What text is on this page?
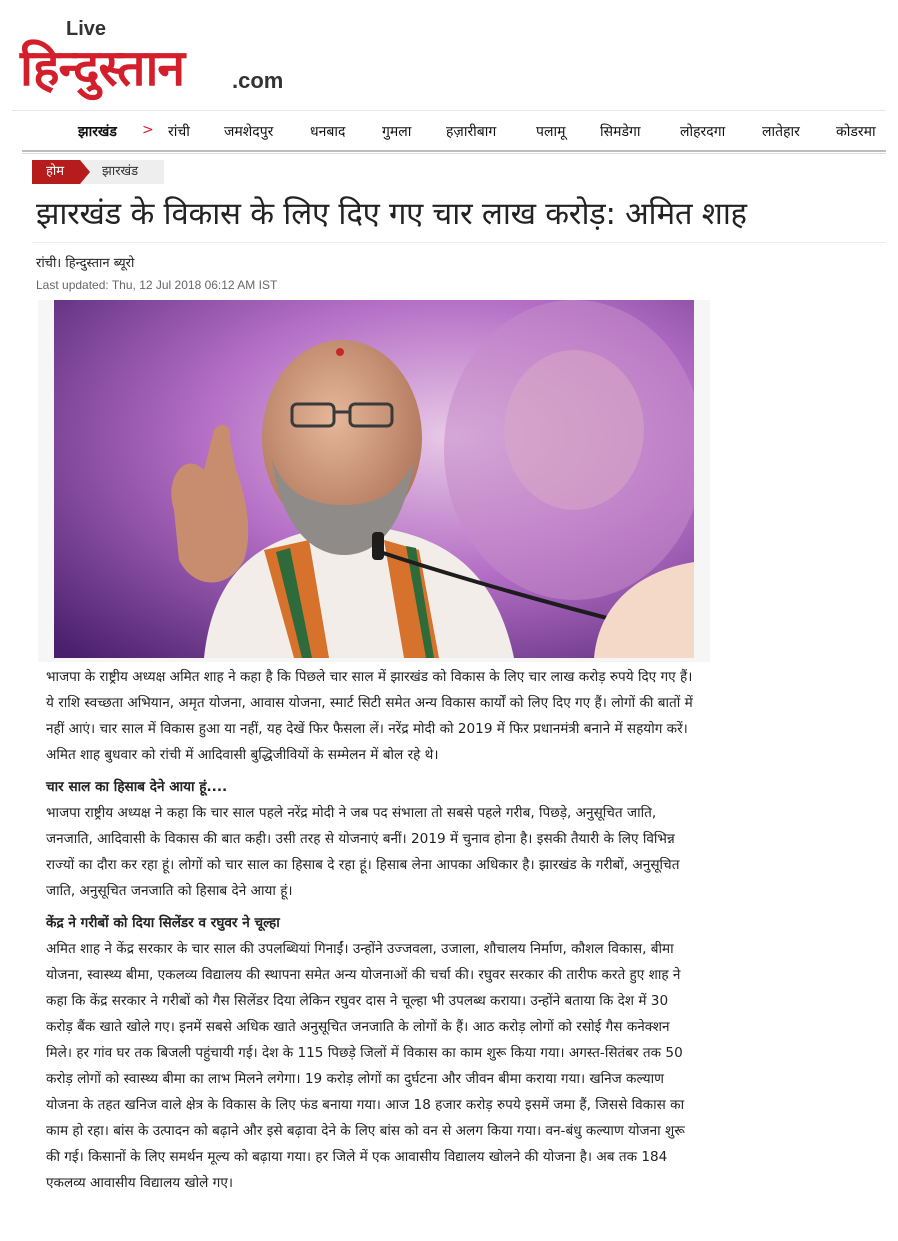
हिन्दुस्तान
Live
.com
झारखंड > रांची जमशेदपुर	धनबाद	गुमला हज़ारीबाग	पलामू सिमडेगा	लोहरदगा	लातेहार	कोडरमा
झारखंड
होम
झारखंड के विकास के लिए दिए गए चार लाख करोड़: अमित शाह
रांची। हिन्दुस्तान ब्यूरो
Last updated: Thu, 12 Jul 2018 06:12 AM IST

भाजपा के राष्ट्रीय अध्यक्ष अमित शाह ने कहा है कि पिछले चार साल में झारखंड को विकास के लिए चार लाख करोड़ रुपये दिए गए हैं। ये राशि स्वच्छता अभियान, अमृत योजना, आवास योजना, स्मार्ट सिटी समेत अन्य विकास कार्यों को लिए दिए गए हैं। लोगों की बातों में नहीं आएं। चार साल में विकास हुआ या नहीं, यह देखें फिर फैसला लें। नरेंद्र मोदी को 2019 में फिर प्रधानमंत्री बनाने में सहयोग करें। अमित शाह बुधवार को रांची में आदिवासी बुद्धिजीवियों के सम्मेलन में बोल रहे थे।

चार साल का हिसाब देने आया हूं....

भाजपा राष्ट्रीय अध्यक्ष ने कहा कि चार साल पहले नरेंद्र मोदी ने जब पद संभाला तो सबसे पहले गरीब, पिछड़े, अनुसूचित जाति, जनजाति, आदिवासी के विकास की बात कही। उसी तरह से योजनाएं बनीं। 2019 में चुनाव होना है। इसकी तैयारी के लिए विभिन्न राज्यों का दौरा कर रहा हूं। लोगों को चार साल का हिसाब दे रहा हूं। हिसाब लेना आपका अधिकार है। झारखंड के गरीबों, अनुसूचित जाति, अनुसूचित जनजाति को हिसाब देने आया हूं।

केंद्र ने गरीबों को दिया सिलेंडर व रघुवर ने चूल्हा

अमित शाह ने केंद्र सरकार के चार साल की उपलब्धियां गिनाईं। उन्होंने उज्जवला, उजाला, शौचालय निर्माण, कौशल विकास, बीमा योजना, स्वास्थ्य बीमा, एकलव्य विद्यालय की स्थापना समेत अन्य योजनाओं की चर्चा की। रघुवर सरकार की तारीफ करते हुए शाह ने कहा कि केंद्र सरकार ने गरीबों को गैस सिलेंडर दिया लेकिन रघुवर दास ने चूल्हा भी उपलब्ध कराया। उन्होंने बताया कि देश में 30 करोड़ बैंक खाते खोले गए। इनमें सबसे अधिक खाते अनुसूचित जनजाति के लोगों के हैं। आठ करोड़ लोगों को रसोई गैस कनेक्शन मिले। हर गांव घर तक बिजली पहुंचायी गई। देश के 115 पिछड़े जिलों में विकास का काम शुरू किया गया। अगस्त-सितंबर तक 50 करोड़ लोगों को स्वास्थ्य बीमा का लाभ मिलने लगेगा। 19 करोड़ लोगों का दुर्घटना और जीवन बीमा कराया गया। खनिज कल्याण योजना के तहत खनिज वाले क्षेत्र के विकास के लिए फंड बनाया गया। आज 18 हजार करोड़ रुपये इसमें जमा हैं, जिससे विकास का काम हो रहा। बांस के उत्पादन को बढ़ाने और इसे बढ़ावा देने के लिए बांस को वन से अलग किया गया। वन-बंधु कल्याण योजना शुरू की गई। किसानों के लिए समर्थन मूल्य को बढ़ाया गया। हर जिले में एक आवासीय विद्यालय खोलने की योजना है। अब तक 184 एकलव्य आवासीय विद्यालय खोले गए।
